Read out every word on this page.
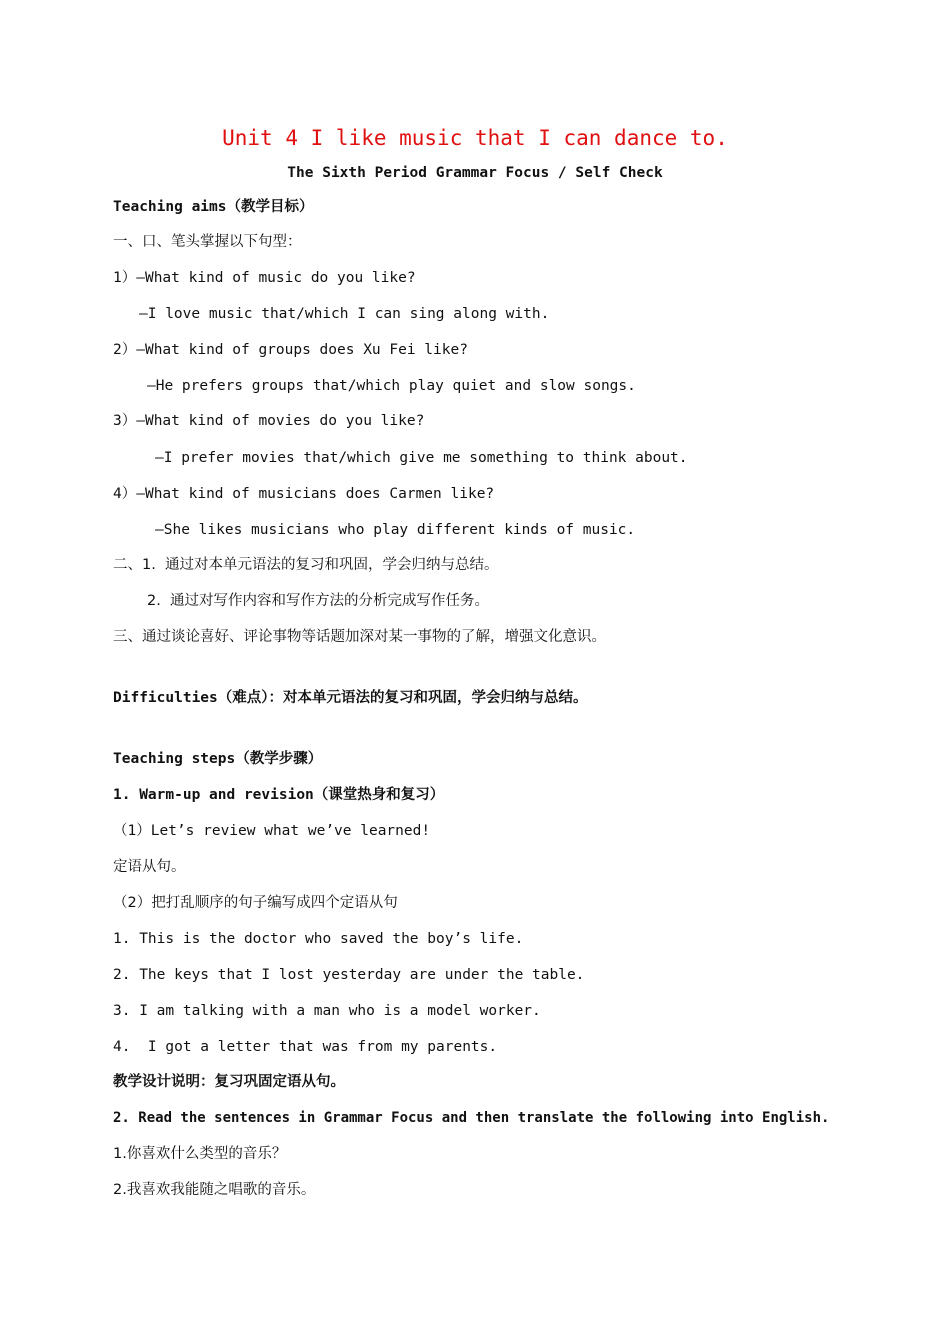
Unit 4 I like music that I can dance to.
The Sixth Period Grammar Focus / Self Check
Teaching aims（教学目标）
一、口、笔头掌握以下句型：
1）—What kind of music do you like?
—I love music that/which I can sing along with.
2）—What kind of groups does Xu Fei like?
—He prefers groups that/which play quiet and slow songs.
3）—What kind of movies do you like?
—I prefer movies that/which give me something to think about.
4）—What kind of musicians does Carmen like?
—She likes musicians who play different kinds of music.
二、1.  通过对本单元语法的复习和巩固，学会归纳与总结。
2.  通过对写作内容和写作方法的分析完成写作任务。
三、通过谈论喜好、评论事物等话题加深对某一事物的了解，增强文化意识。
Difficulties（难点）：对本单元语法的复习和巩固，学会归纳与总结。
Teaching steps（教学步骤）
1. Warm-up and revision（课堂热身和复习）
（1）Let’s review what we’ve learned!
定语从句。
（2）把打乱顺序的句子编写成四个定语从句
1. This is the doctor who saved the boy’s life.
2. The keys that I lost yesterday are under the table.
3. I am talking with a man who is a model worker.
4.  I got a letter that was from my parents.
教学设计说明：复习巩固定语从句。
2. Read the sentences in Grammar Focus and then translate the following into English.
1.你喜欢什么类型的音乐？
2.我喜欢我能随之唱歌的音乐。
